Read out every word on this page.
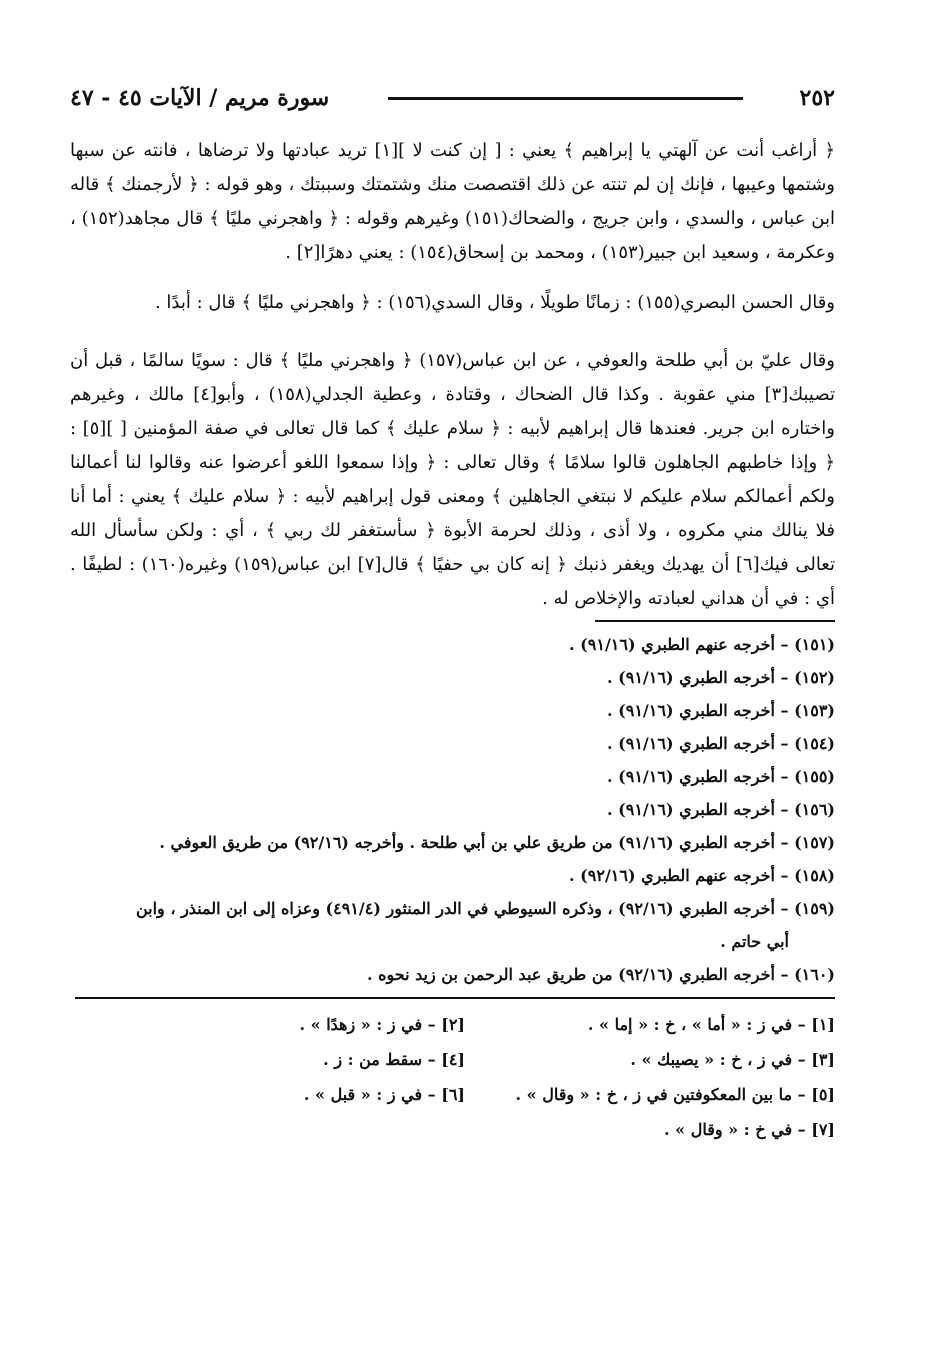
٢٥٢
سورة مريم / الآيات ٤٥ - ٤٧

﴿ أراغب أنت عن آلهتي يا إبراهيم ﴾ يعني : [ إن كنت لا ][١] تريد عبادتها ولا ترضاها ، فانته عن سبها وشتمها وعيبها ، فإنك إن لم تنته عن ذلك اقتصصت منك وشتمتك وسببتك ، وهو قوله : ﴿ لأرجمنك ﴾ قاله ابن عباس ، والسدي ، وابن جريج ، والضحاك(١٥١) وغيرهم وقوله : ﴿ واهجرني مليًا ﴾ قال مجاهد(١٥٢) ، وعكرمة ، وسعيد ابن جبير(١٥٣) ، ومحمد بن إسحاق(١٥٤) : يعني دهرًا[٢] .

وقال الحسن البصري(١٥٥) : زمانًا طويلًا ، وقال السدي(١٥٦) : ﴿ واهجرني مليًا ﴾ قال : أبدًا .

وقال عليّ بن أبي طلحة والعوفي ، عن ابن عباس(١٥٧) ﴿ واهجرني مليًا ﴾ قال : سويًا سالمًا ، قبل أن تصيبك[٣] مني عقوبة . وكذا قال الضحاك ، وقتادة ، وعطية الجدلي(١٥٨) ، وأبو[٤] مالك ، وغيرهم واختاره ابن جرير. فعندها قال إبراهيم لأبيه : ﴿ سلام عليك ﴾ كما قال تعالى في صفة المؤمنين [ ][٥] : ﴿ وإذا خاطبهم الجاهلون قالوا سلامًا ﴾ وقال تعالى : ﴿ وإذا سمعوا اللغو أعرضوا عنه وقالوا لنا أعمالنا ولكم أعمالكم سلام عليكم لا نبتغي الجاهلين ﴾ ومعنى قول إبراهيم لأبيه : ﴿ سلام عليك ﴾ يعني : أما أنا فلا ينالك مني مكروه ، ولا أذى ، وذلك لحرمة الأبوة ﴿ سأستغفر لك ربي ﴾ ، أي : ولكن سأسأل الله تعالى فيك[٦] أن يهديك ويغفر ذنبك ﴿ إنه كان بي حفيًا ﴾ قال[٧] ابن عباس(١٥٩) وغيره(١٦٠) : لطيفًا . أي : في أن هداني لعبادته والإخلاص له .

(١٥١) – أخرجه عنهم الطبري (٩١/١٦) .
(١٥٢) – أخرجه الطبري (٩١/١٦) .
(١٥٣) – أخرجه الطبري (٩١/١٦) .
(١٥٤) – أخرجه الطبري (٩١/١٦) .
(١٥٥) – أخرجه الطبري (٩١/١٦) .
(١٥٦) – أخرجه الطبري (٩١/١٦) .
(١٥٧) – أخرجه الطبري (٩١/١٦) من طريق علي بن أبي طلحة . وأخرجه (٩٢/١٦) من طريق العوفي .
(١٥٨) – أخرجه عنهم الطبري (٩٢/١٦) .
(١٥٩) – أخرجه الطبري (٩٢/١٦) ، وذكره السيوطي في الدر المنثور (٤٩١/٤) وعزاه إلى ابن المنذر ، وابن
أبي حاتم .
(١٦٠) – أخرجه الطبري (٩٢/١٦) من طريق عبد الرحمن بن زيد نحوه .
[١] – في ز : « أما » ، خ : « إما » .
[٢] – في ز : « زهدًا » .
[٣] – في ز ، خ : « يصيبك » .
[٤] – سقط من : ز .
[٥] – ما بين المعكوفتين في ز ، خ : « وقال » .
[٦] – في ز : « قبل » .
[٧] – في خ : « وقال » .
